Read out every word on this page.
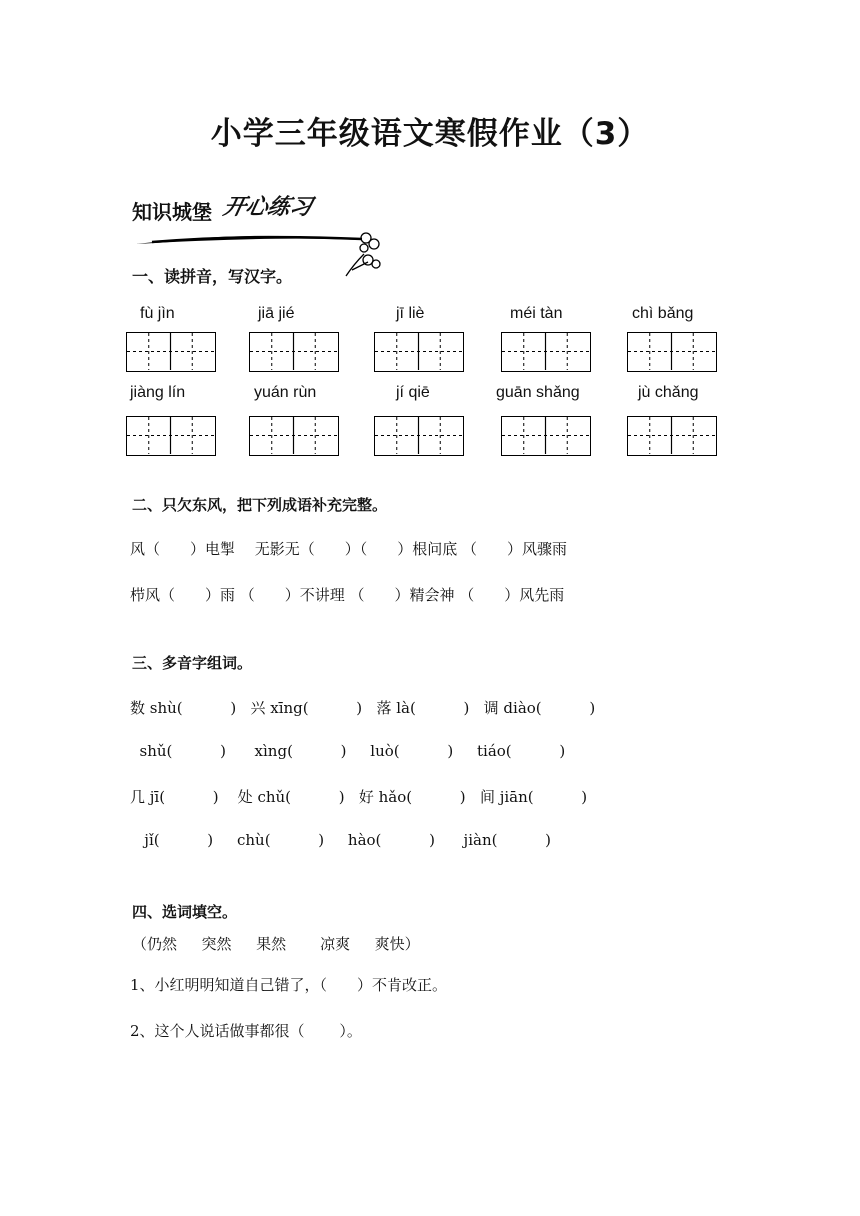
小学三年级语文寒假作业（3）
知识城堡 开心练习
一、读拼音，写汉字。
fù jìn	jiā jié	jī liè	méi tàn	chì bǎng
jiàng lín	yuán rùn	jí qiē	guān shǎng	jù chǎng
二、只欠东风，把下列成语补充完整。
风（　　）电掣　 无影无（　　）（　　）根问底 （　　）风骤雨
栉风（　　）雨 （　　）不讲理 （　　）精会神 （　　）风先雨
三、多音字组词。
数 shù(          )   兴 xīng(          )   落 là(          )   调 diào(          )
shǔ(          )      xìng(          )     luò(          )     tiáo(          )
几 jī(          )    处 chǔ(          )   好 hǎo(          )   间 jiān(          )
jǐ(          )     chù(          )     hào(          )      jiàn(          )
四、选词填空。
（仍然　  突然　  果然　    凉爽　  爽快）
1、小红明明知道自己错了，（　　）不肯改正。
2、这个人说话做事都很（　　 ）。
